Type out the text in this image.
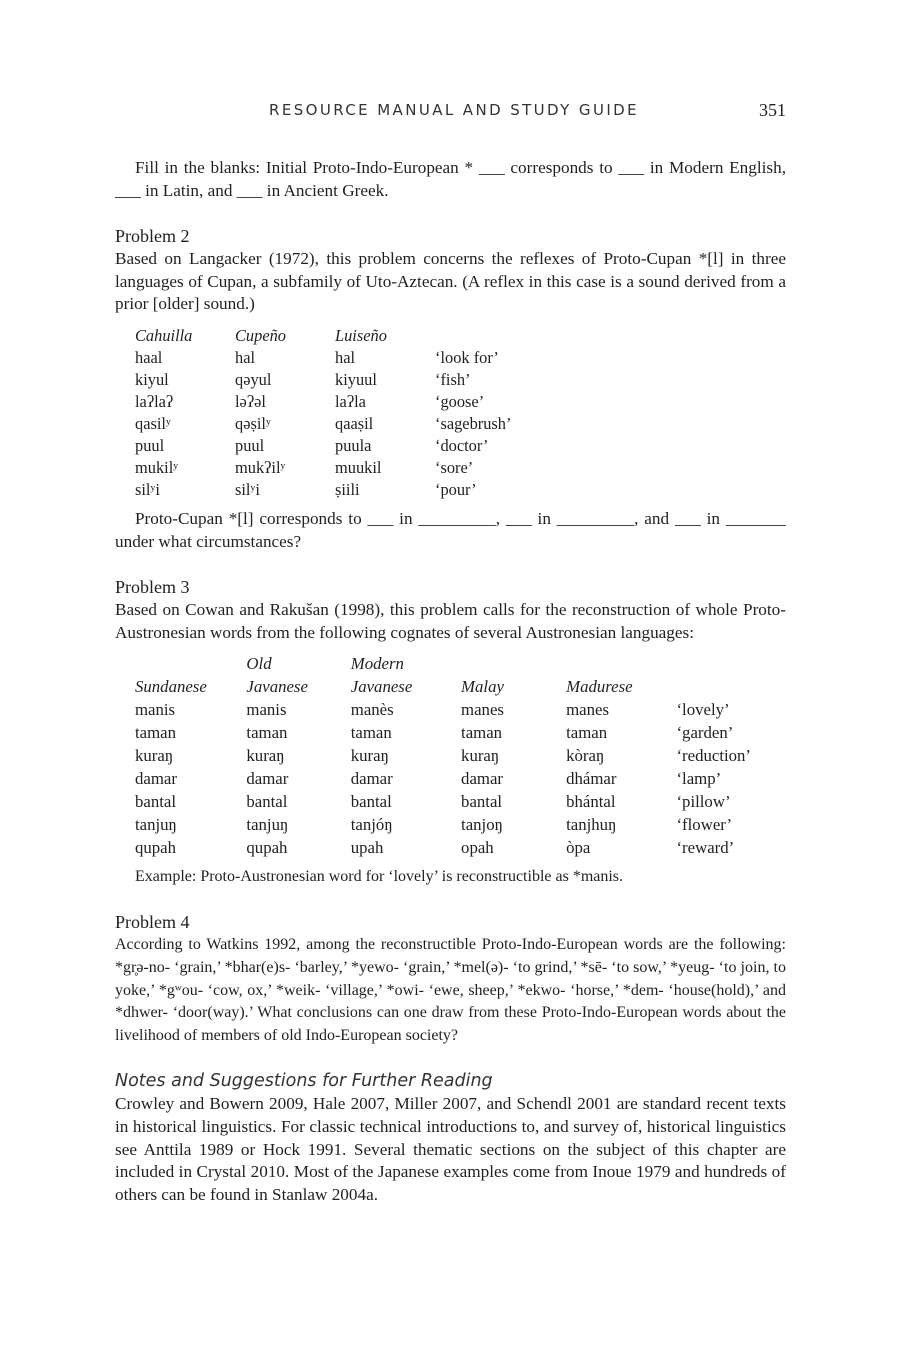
RESOURCE MANUAL AND STUDY GUIDE	351

Fill in the blanks: Initial Proto-Indo-European * ___ corresponds to ___ in Modern English, ___ in Latin, and ___ in Ancient Greek.

Problem 2

Based on Langacker (1972), this problem concerns the reflexes of Proto-Cupan *[l] in three languages of Cupan, a subfamily of Uto-Aztecan. (A reflex in this case is a sound derived from a prior [older] sound.)

Cahuilla	Cupeño	Luiseño	
haal	hal	hal	‘look for’
kiyul	qəyul	kiyuul	‘fish’
laʔlaʔ	ləʔəl	laʔla	‘goose’
qasilʸ	qəṣilʸ	qaaṣil	‘sagebrush’
puul	puul	puula	‘doctor’
mukilʸ	mukʔilʸ	muukil	‘sore’
silʸi	silʸi	ṣiili	‘pour’

Proto-Cupan *[l] corresponds to ___ in _________, ___ in _________, and ___ in _______ under what circumstances?

Problem 3

Based on Cowan and Rakušan (1998), this problem calls for the reconstruction of whole Proto-Austronesian words from the following cognates of several Austronesian languages:

	Old	Modern			
Sundanese	Javanese	Javanese	Malay	Madurese	
manis	manis	manès	manes	manes	‘lovely’
taman	taman	taman	taman	taman	‘garden’
kuraŋ	kuraŋ	kuraŋ	kuraŋ	kòraŋ	‘reduction’
damar	damar	damar	damar	dhámar	‘lamp’
bantal	bantal	bantal	bantal	bhántal	‘pillow’
tanjuŋ	tanjuŋ	tanjóŋ	tanjoŋ	tanjhuŋ	‘flower’
qupah	qupah	upah	opah	òpa	‘reward’

Example: Proto-Austronesian word for ‘lovely’ is reconstructible as *manis.

Problem 4

According to Watkins 1992, among the reconstructible Proto-Indo-European words are the following: *gr̥ə-no- ‘grain,’ *bhar(e)s- ‘barley,’ *yewo- ‘grain,’ *mel(ə)- ‘to grind,’ *sē- ‘to sow,’ *yeug- ‘to join, to yoke,’ *gʷou- ‘cow, ox,’ *weik- ‘village,’ *owi- ‘ewe, sheep,’ *ekwo- ‘horse,’ *dem- ‘house(hold),’ and *dhwer- ‘door(way).’ What conclusions can one draw from these Proto-Indo-European words about the livelihood of members of old Indo-European society?

Notes and Suggestions for Further Reading

Crowley and Bowern 2009, Hale 2007, Miller 2007, and Schendl 2001 are standard recent texts in historical linguistics. For classic technical introductions to, and survey of, historical linguistics see Anttila 1989 or Hock 1991. Several thematic sections on the subject of this chapter are included in Crystal 2010. Most of the Japanese examples come from Inoue 1979 and hundreds of others can be found in Stanlaw 2004a.
